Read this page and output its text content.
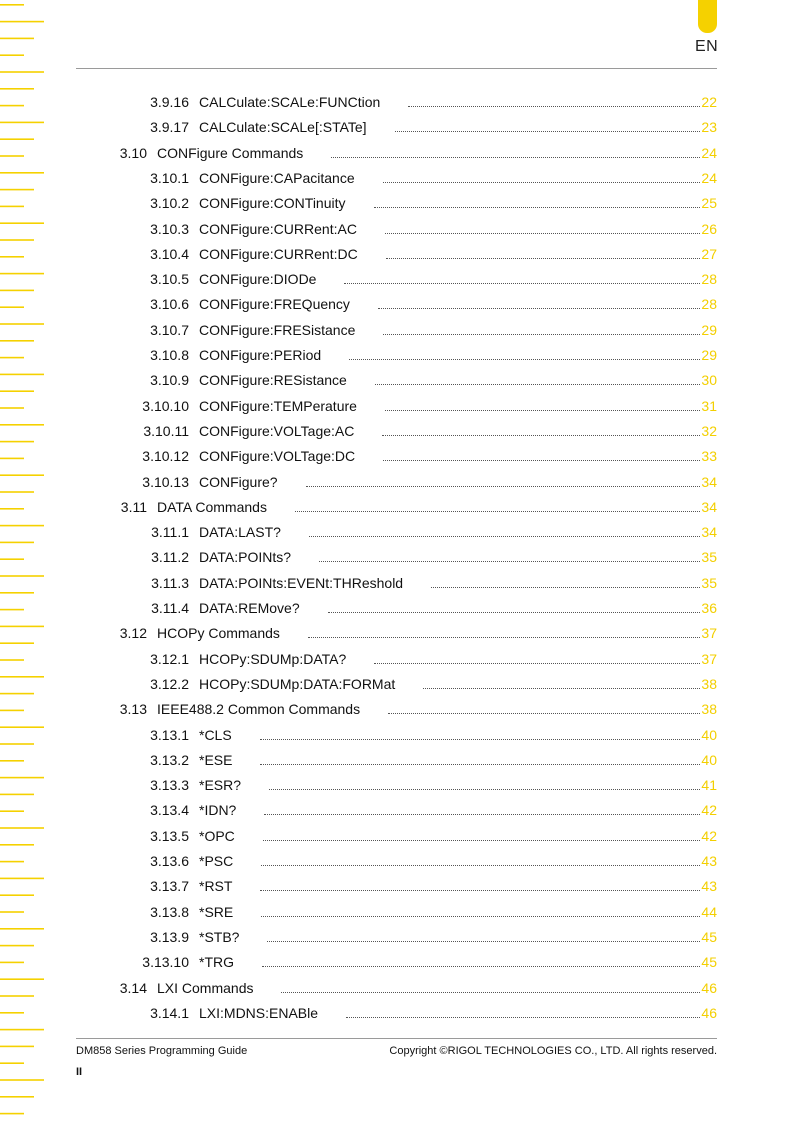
EN
3.9.16 CALCulate:SCALe:FUNCtion	22
3.9.17 CALCulate:SCALe[:STATe]	23
3.10 CONFigure Commands	24
3.10.1 CONFigure:CAPacitance	24
3.10.2 CONFigure:CONTinuity	25
3.10.3 CONFigure:CURRent:AC	26
3.10.4 CONFigure:CURRent:DC	27
3.10.5 CONFigure:DIODe	28
3.10.6 CONFigure:FREQuency	28
3.10.7 CONFigure:FRESistance	29
3.10.8 CONFigure:PERiod	29
3.10.9 CONFigure:RESistance	30
3.10.10 CONFigure:TEMPerature	31
3.10.11 CONFigure:VOLTage:AC	32
3.10.12 CONFigure:VOLTage:DC	33
3.10.13 CONFigure?	34
3.11 DATA Commands	34
3.11.1 DATA:LAST?	34
3.11.2 DATA:POINts?	35
3.11.3 DATA:POINts:EVENt:THReshold	35
3.11.4 DATA:REMove?	36
3.12 HCOPy Commands	37
3.12.1 HCOPy:SDUMp:DATA?	37
3.12.2 HCOPy:SDUMp:DATA:FORMat	38
3.13 IEEE488.2 Common Commands	38
3.13.1 *CLS	40
3.13.2 *ESE	40
3.13.3 *ESR?	41
3.13.4 *IDN?	42
3.13.5 *OPC	42
3.13.6 *PSC	43
3.13.7 *RST	43
3.13.8 *SRE	44
3.13.9 *STB?	45
3.13.10 *TRG	45
3.14 LXI Commands	46
3.14.1 LXI:MDNS:ENABle	46
DM858 Series Programming Guide	Copyright ©RIGOL TECHNOLOGIES CO., LTD. All rights reserved.
II
